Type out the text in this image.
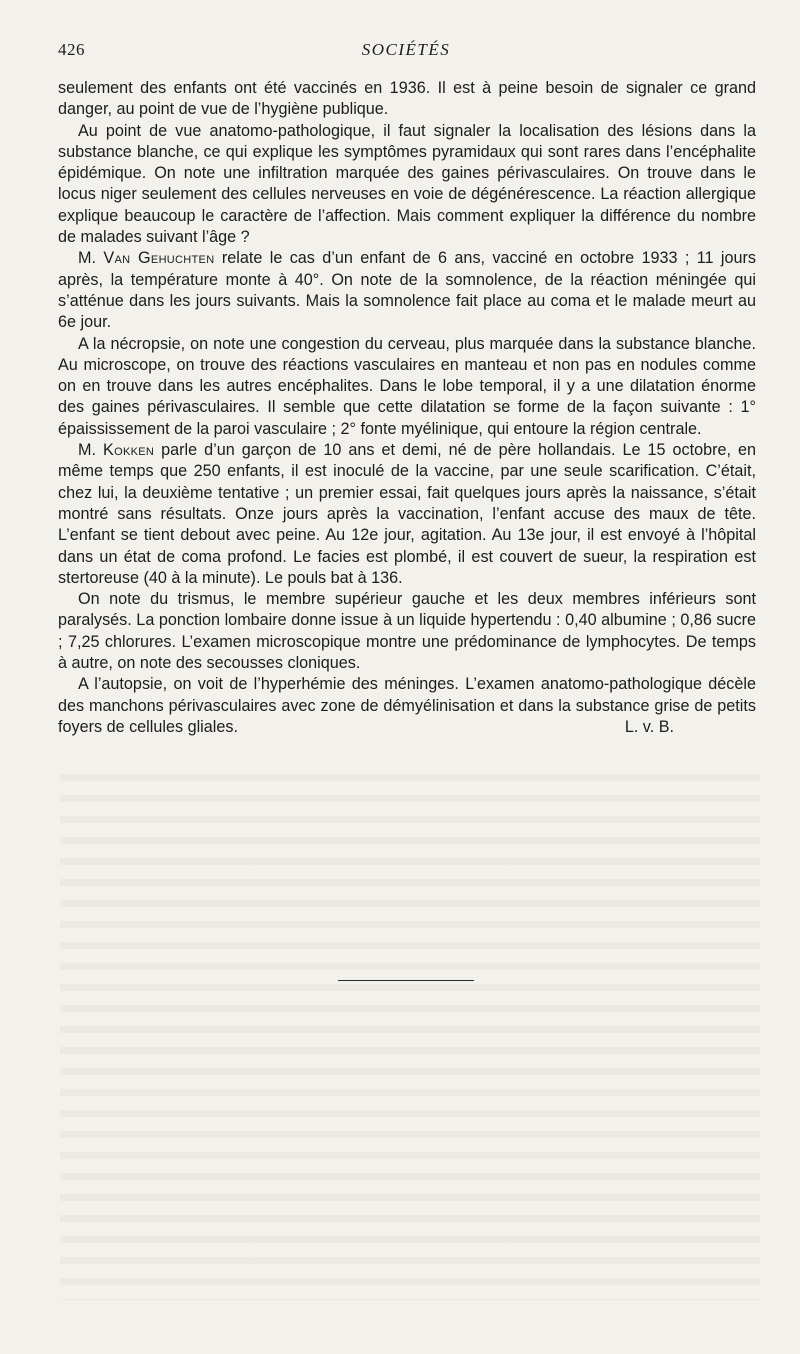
426	SOCIÉTÉS

seulement des enfants ont été vaccinés en 1936. Il est à peine besoin de signaler ce grand danger, au point de vue de l’hygiène publique.

Au point de vue anatomo-pathologique, il faut signaler la localisation des lésions dans la substance blanche, ce qui explique les symptômes pyramidaux qui sont rares dans l’encéphalite épidémique. On note une infiltration marquée des gaines périvasculaires. On trouve dans le locus niger seulement des cellules nerveuses en voie de dégénérescence. La réaction allergique explique beaucoup le caractère de l’affection. Mais comment expliquer la différence du nombre de malades suivant l’âge ?

M. Van Gehuchten relate le cas d’un enfant de 6 ans, vacciné en octobre 1933 ; 11 jours après, la température monte à 40°. On note de la somnolence, de la réaction méningée qui s’atténue dans les jours suivants. Mais la somnolence fait place au coma et le malade meurt au 6e jour.

A la nécropsie, on note une congestion du cerveau, plus marquée dans la substance blanche. Au microscope, on trouve des réactions vasculaires en manteau et non pas en nodules comme on en trouve dans les autres encéphalites. Dans le lobe temporal, il y a une dilatation énorme des gaines périvasculaires. Il semble que cette dilatation se forme de la façon suivante : 1° épaississement de la paroi vasculaire ; 2° fonte myélinique, qui entoure la région centrale.

M. Kokken parle d’un garçon de 10 ans et demi, né de père hollandais. Le 15 octobre, en même temps que 250 enfants, il est inoculé de la vaccine, par une seule scarification. C’était, chez lui, la deuxième tentative ; un premier essai, fait quelques jours après la naissance, s’était montré sans résultats. Onze jours après la vaccination, l’enfant accuse des maux de tête. L’enfant se tient debout avec peine. Au 12e jour, agitation. Au 13e jour, il est envoyé à l’hôpital dans un état de coma profond. Le facies est plombé, il est couvert de sueur, la respiration est stertoreuse (40 à la minute). Le pouls bat à 136.

On note du trismus, le membre supérieur gauche et les deux membres inférieurs sont paralysés. La ponction lombaire donne issue à un liquide hypertendu : 0,40 albumine ; 0,86 sucre ; 7,25 chlorures. L’examen microscopique montre une prédominance de lymphocytes. De temps à autre, on note des secousses cloniques.

A l’autopsie, on voit de l’hyperhémie des méninges. L’examen anatomo-pathologique décèle des manchons périvasculaires avec zone de démyélinisation et dans la substance grise de petits foyers de cellules gliales.	L. v. B.
